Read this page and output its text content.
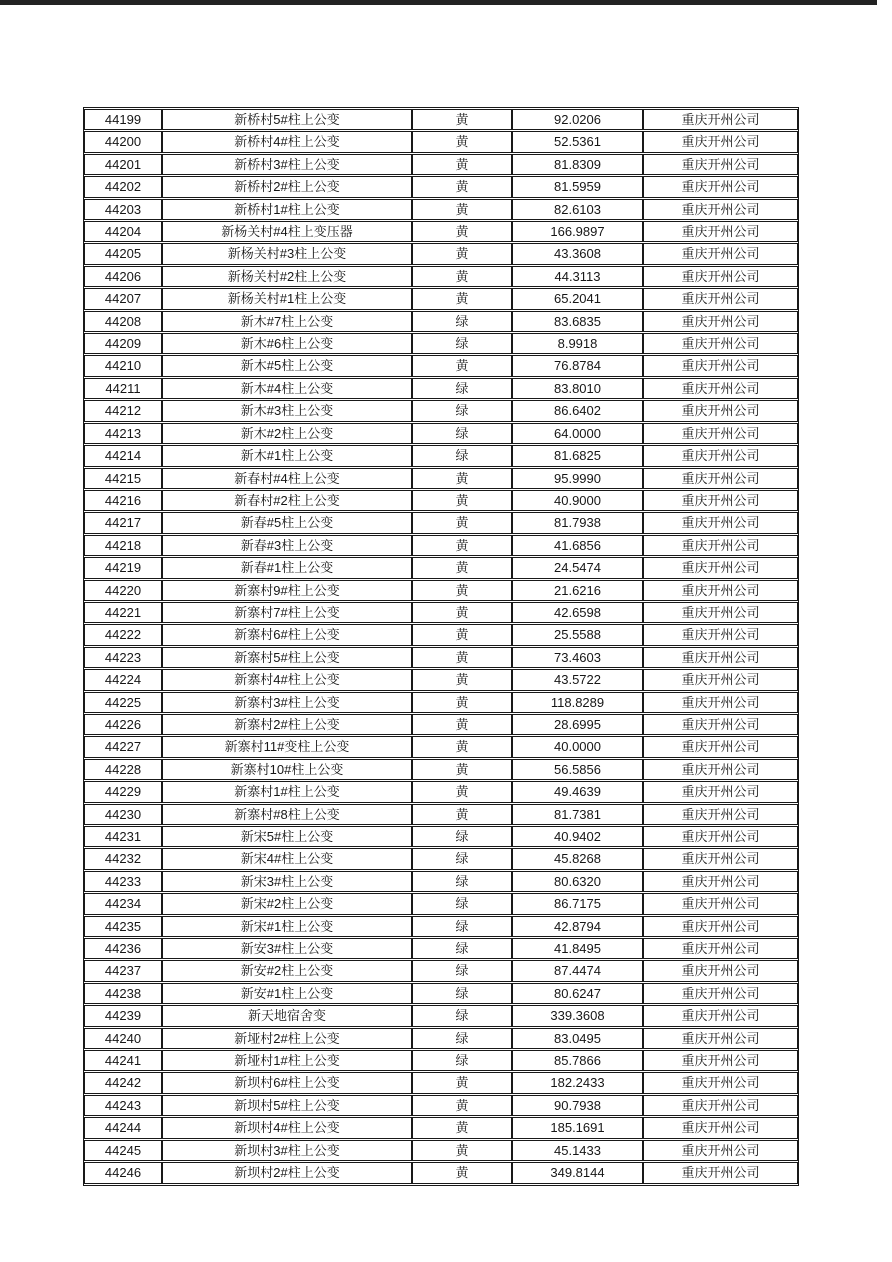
44199	新桥村5#柱上公变	黄	92.0206	重庆开州公司
44200	新桥村4#柱上公变	黄	52.5361	重庆开州公司
44201	新桥村3#柱上公变	黄	81.8309	重庆开州公司
44202	新桥村2#柱上公变	黄	81.5959	重庆开州公司
44203	新桥村1#柱上公变	黄	82.6103	重庆开州公司
44204	新杨关村#4柱上变压器	黄	166.9897	重庆开州公司
44205	新杨关村#3柱上公变	黄	43.3608	重庆开州公司
44206	新杨关村#2柱上公变	黄	44.3113	重庆开州公司
44207	新杨关村#1柱上公变	黄	65.2041	重庆开州公司
44208	新木#7柱上公变	绿	83.6835	重庆开州公司
44209	新木#6柱上公变	绿	8.9918	重庆开州公司
44210	新木#5柱上公变	黄	76.8784	重庆开州公司
44211	新木#4柱上公变	绿	83.8010	重庆开州公司
44212	新木#3柱上公变	绿	86.6402	重庆开州公司
44213	新木#2柱上公变	绿	64.0000	重庆开州公司
44214	新木#1柱上公变	绿	81.6825	重庆开州公司
44215	新春村#4柱上公变	黄	95.9990	重庆开州公司
44216	新春村#2柱上公变	黄	40.9000	重庆开州公司
44217	新春#5柱上公变	黄	81.7938	重庆开州公司
44218	新春#3柱上公变	黄	41.6856	重庆开州公司
44219	新春#1柱上公变	黄	24.5474	重庆开州公司
44220	新寨村9#柱上公变	黄	21.6216	重庆开州公司
44221	新寨村7#柱上公变	黄	42.6598	重庆开州公司
44222	新寨村6#柱上公变	黄	25.5588	重庆开州公司
44223	新寨村5#柱上公变	黄	73.4603	重庆开州公司
44224	新寨村4#柱上公变	黄	43.5722	重庆开州公司
44225	新寨村3#柱上公变	黄	118.8289	重庆开州公司
44226	新寨村2#柱上公变	黄	28.6995	重庆开州公司
44227	新寨村11#变柱上公变	黄	40.0000	重庆开州公司
44228	新寨村10#柱上公变	黄	56.5856	重庆开州公司
44229	新寨村1#柱上公变	黄	49.4639	重庆开州公司
44230	新寨村#8柱上公变	黄	81.7381	重庆开州公司
44231	新宋5#柱上公变	绿	40.9402	重庆开州公司
44232	新宋4#柱上公变	绿	45.8268	重庆开州公司
44233	新宋3#柱上公变	绿	80.6320	重庆开州公司
44234	新宋#2柱上公变	绿	86.7175	重庆开州公司
44235	新宋#1柱上公变	绿	42.8794	重庆开州公司
44236	新安3#柱上公变	绿	41.8495	重庆开州公司
44237	新安#2柱上公变	绿	87.4474	重庆开州公司
44238	新安#1柱上公变	绿	80.6247	重庆开州公司
44239	新天地宿舍变	绿	339.3608	重庆开州公司
44240	新垭村2#柱上公变	绿	83.0495	重庆开州公司
44241	新垭村1#柱上公变	绿	85.7866	重庆开州公司
44242	新坝村6#柱上公变	黄	182.2433	重庆开州公司
44243	新坝村5#柱上公变	黄	90.7938	重庆开州公司
44244	新坝村4#柱上公变	黄	185.1691	重庆开州公司
44245	新坝村3#柱上公变	黄	45.1433	重庆开州公司
44246	新坝村2#柱上公变	黄	349.8144	重庆开州公司
